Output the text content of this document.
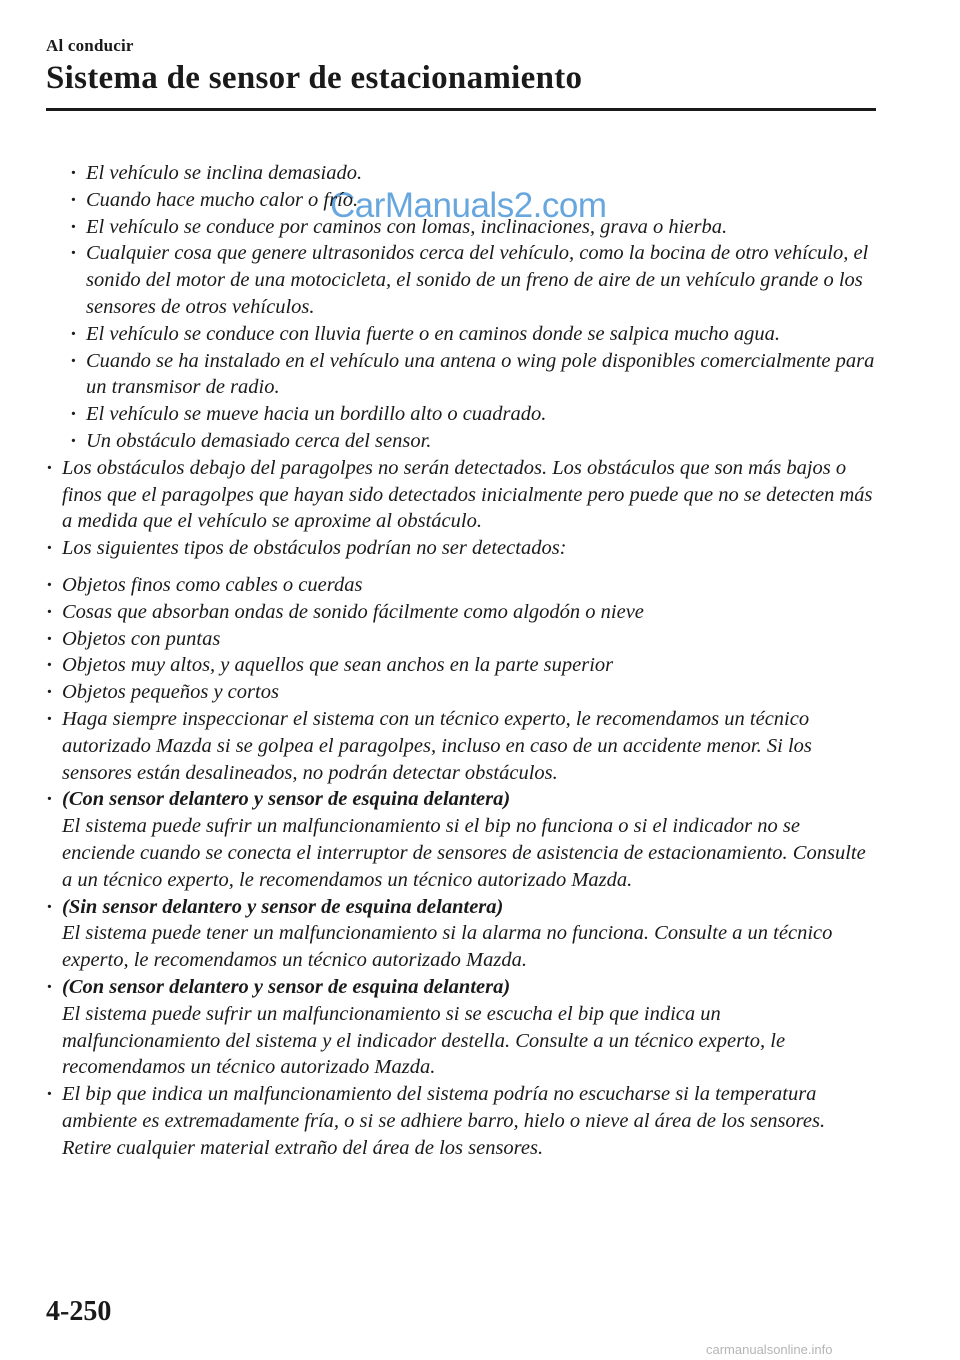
Al conducir
Sistema de sensor de estacionamiento
CarManuals2.com
· El vehículo se inclina demasiado.
· Cuando hace mucho calor o frío.
· El vehículo se conduce por caminos con lomas, inclinaciones, grava o hierba.
· Cualquier cosa que genere ultrasonidos cerca del vehículo, como la bocina de otro vehículo, el sonido del motor de una motocicleta, el sonido de un freno de aire de un vehículo grande o los sensores de otros vehículos.
· El vehículo se conduce con lluvia fuerte o en caminos donde se salpica mucho agua.
· Cuando se ha instalado en el vehículo una antena o wing pole disponibles comercialmente para un transmisor de radio.
· El vehículo se mueve hacia un bordillo alto o cuadrado.
· Un obstáculo demasiado cerca del sensor.
· Los obstáculos debajo del paragolpes no serán detectados. Los obstáculos que son más bajos o finos que el paragolpes que hayan sido detectados inicialmente pero puede que no se detecten más a medida que el vehículo se aproxime al obstáculo.
· Los siguientes tipos de obstáculos podrían no ser detectados:
· Objetos finos como cables o cuerdas
· Cosas que absorban ondas de sonido fácilmente como algodón o nieve
· Objetos con puntas
· Objetos muy altos, y aquellos que sean anchos en la parte superior
· Objetos pequeños y cortos
· Haga siempre inspeccionar el sistema con un técnico experto, le recomendamos un técnico autorizado Mazda si se golpea el paragolpes, incluso en caso de un accidente menor. Si los sensores están desalineados, no podrán detectar obstáculos.
· (Con sensor delantero y sensor de esquina delantera)
El sistema puede sufrir un malfuncionamiento si el bip no funciona o si el indicador no se enciende cuando se conecta el interruptor de sensores de asistencia de estacionamiento. Consulte a un técnico experto, le recomendamos un técnico autorizado Mazda.
· (Sin sensor delantero y sensor de esquina delantera)
El sistema puede tener un malfuncionamiento si la alarma no funciona. Consulte a un técnico experto, le recomendamos un técnico autorizado Mazda.
· (Con sensor delantero y sensor de esquina delantera)
El sistema puede sufrir un malfuncionamiento si se escucha el bip que indica un malfuncionamiento del sistema y el indicador destella. Consulte a un técnico experto, le recomendamos un técnico autorizado Mazda.
· El bip que indica un malfuncionamiento del sistema podría no escucharse si la temperatura ambiente es extremadamente fría, o si se adhiere barro, hielo o nieve al área de los sensores. Retire cualquier material extraño del área de los sensores.
4-250
carmanualsonline.info
